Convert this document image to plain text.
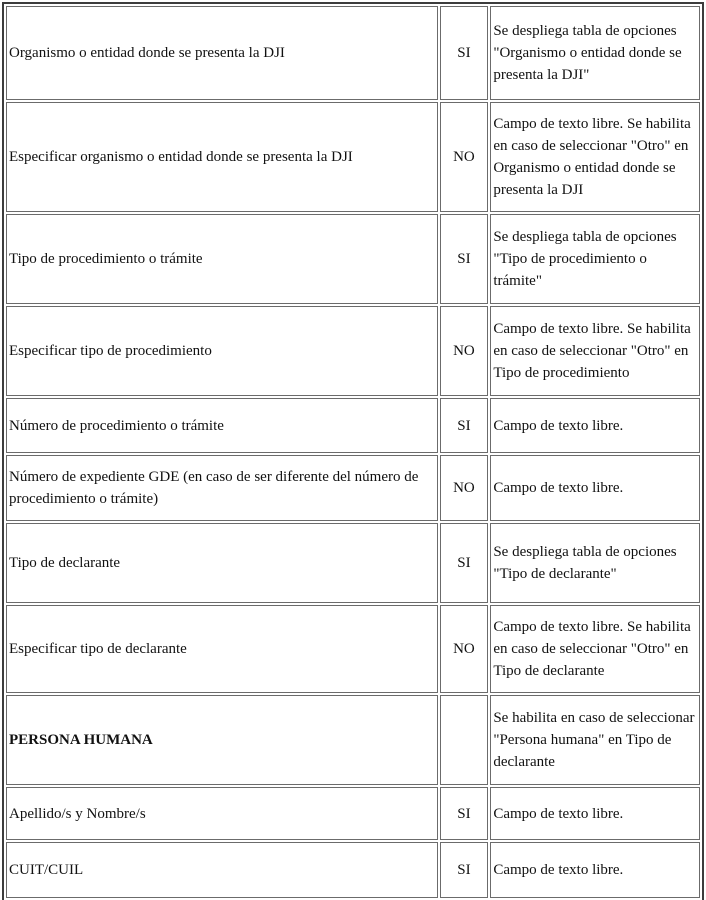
Organismo o entidad donde se presenta la DJI	SI	Se despliega tabla de opciones "Organismo o entidad donde se presenta la DJI"
Especificar organismo o entidad donde se presenta la DJI	NO	Campo de texto libre. Se habilita en caso de seleccionar "Otro" en Organismo o entidad donde se presenta la DJI
Tipo de procedimiento o trámite	SI	Se despliega tabla de opciones "Tipo de procedimiento o trámite"
Especificar tipo de procedimiento	NO	Campo de texto libre. Se habilita en caso de seleccionar "Otro" en Tipo de procedimiento
Número de procedimiento o trámite	SI	Campo de texto libre.
Número de expediente GDE (en caso de ser diferente del número de procedimiento o trámite)	NO	Campo de texto libre.
Tipo de declarante	SI	Se despliega tabla de opciones "Tipo de declarante"
Especificar tipo de declarante	NO	Campo de texto libre. Se habilita en caso de seleccionar "Otro" en Tipo de declarante
PERSONA HUMANA		Se habilita en caso de seleccionar "Persona humana" en Tipo de declarante
Apellido/s y Nombre/s	SI	Campo de texto libre.
CUIT/CUIL	SI	Campo de texto libre.
